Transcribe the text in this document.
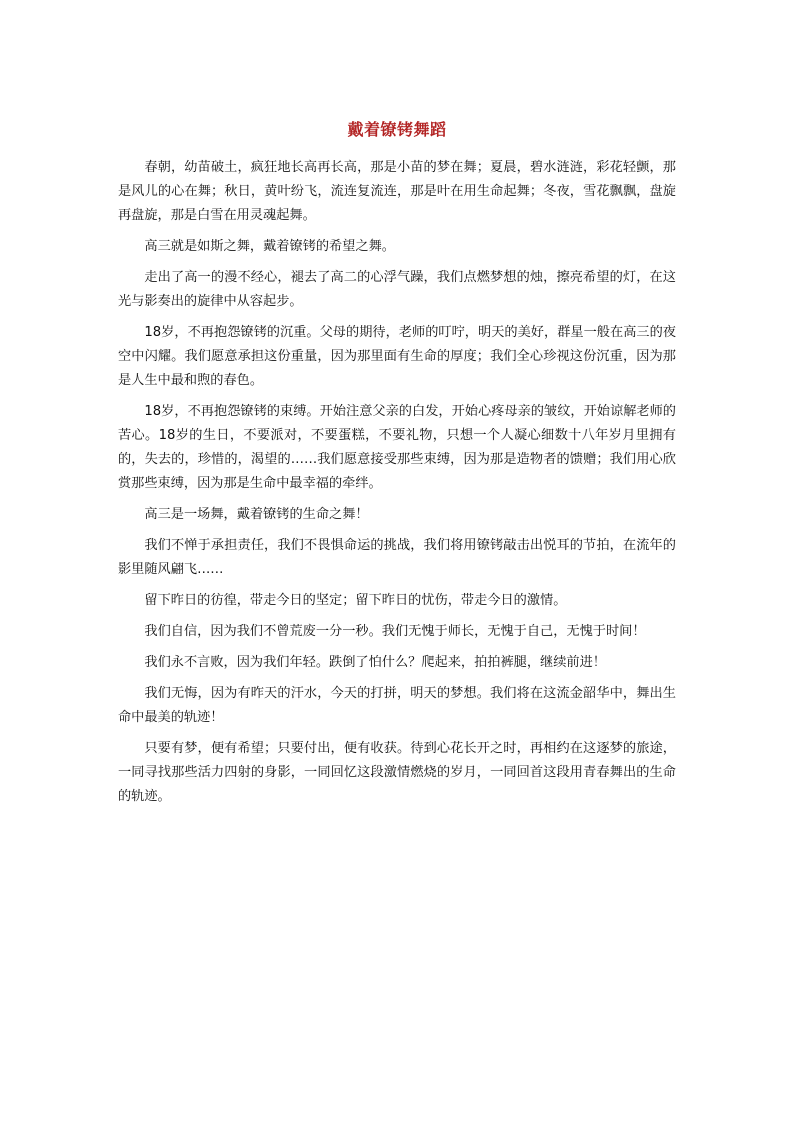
戴着镣铐舞蹈

春朝，幼苗破土，疯狂地长高再长高，那是小苗的梦在舞；夏晨，碧水涟涟，彩花轻颤，那是风儿的心在舞；秋日，黄叶纷飞，流连复流连，那是叶在用生命起舞；冬夜，雪花飘飘，盘旋再盘旋，那是白雪在用灵魂起舞。

高三就是如斯之舞，戴着镣铐的希望之舞。

走出了高一的漫不经心，褪去了高二的心浮气躁，我们点燃梦想的烛，擦亮希望的灯，在这光与影奏出的旋律中从容起步。

18岁，不再抱怨镣铐的沉重。父母的期待，老师的叮咛，明天的美好，群星一般在高三的夜空中闪耀。我们愿意承担这份重量，因为那里面有生命的厚度；我们全心珍视这份沉重，因为那是人生中最和煦的春色。

18岁，不再抱怨镣铐的束缚。开始注意父亲的白发，开始心疼母亲的皱纹，开始谅解老师的苦心。18岁的生日，不要派对，不要蛋糕，不要礼物，只想一个人凝心细数十八年岁月里拥有的，失去的，珍惜的，渴望的……我们愿意接受那些束缚，因为那是造物者的馈赠；我们用心欣赏那些束缚，因为那是生命中最幸福的牵绊。

高三是一场舞，戴着镣铐的生命之舞！

我们不惮于承担责任，我们不畏惧命运的挑战，我们将用镣铐敲击出悦耳的节拍，在流年的影里随风翩飞……

留下昨日的彷徨，带走今日的坚定；留下昨日的忧伤，带走今日的激情。

我们自信，因为我们不曾荒废一分一秒。我们无愧于师长，无愧于自己，无愧于时间！

我们永不言败，因为我们年轻。跌倒了怕什么？爬起来，拍拍裤腿，继续前进！

我们无悔，因为有昨天的汗水，今天的打拼，明天的梦想。我们将在这流金韶华中，舞出生命中最美的轨迹！

只要有梦，便有希望；只要付出，便有收获。待到心花长开之时，再相约在这逐梦的旅途，一同寻找那些活力四射的身影，一同回忆这段激情燃烧的岁月，一同回首这段用青春舞出的生命的轨迹。
